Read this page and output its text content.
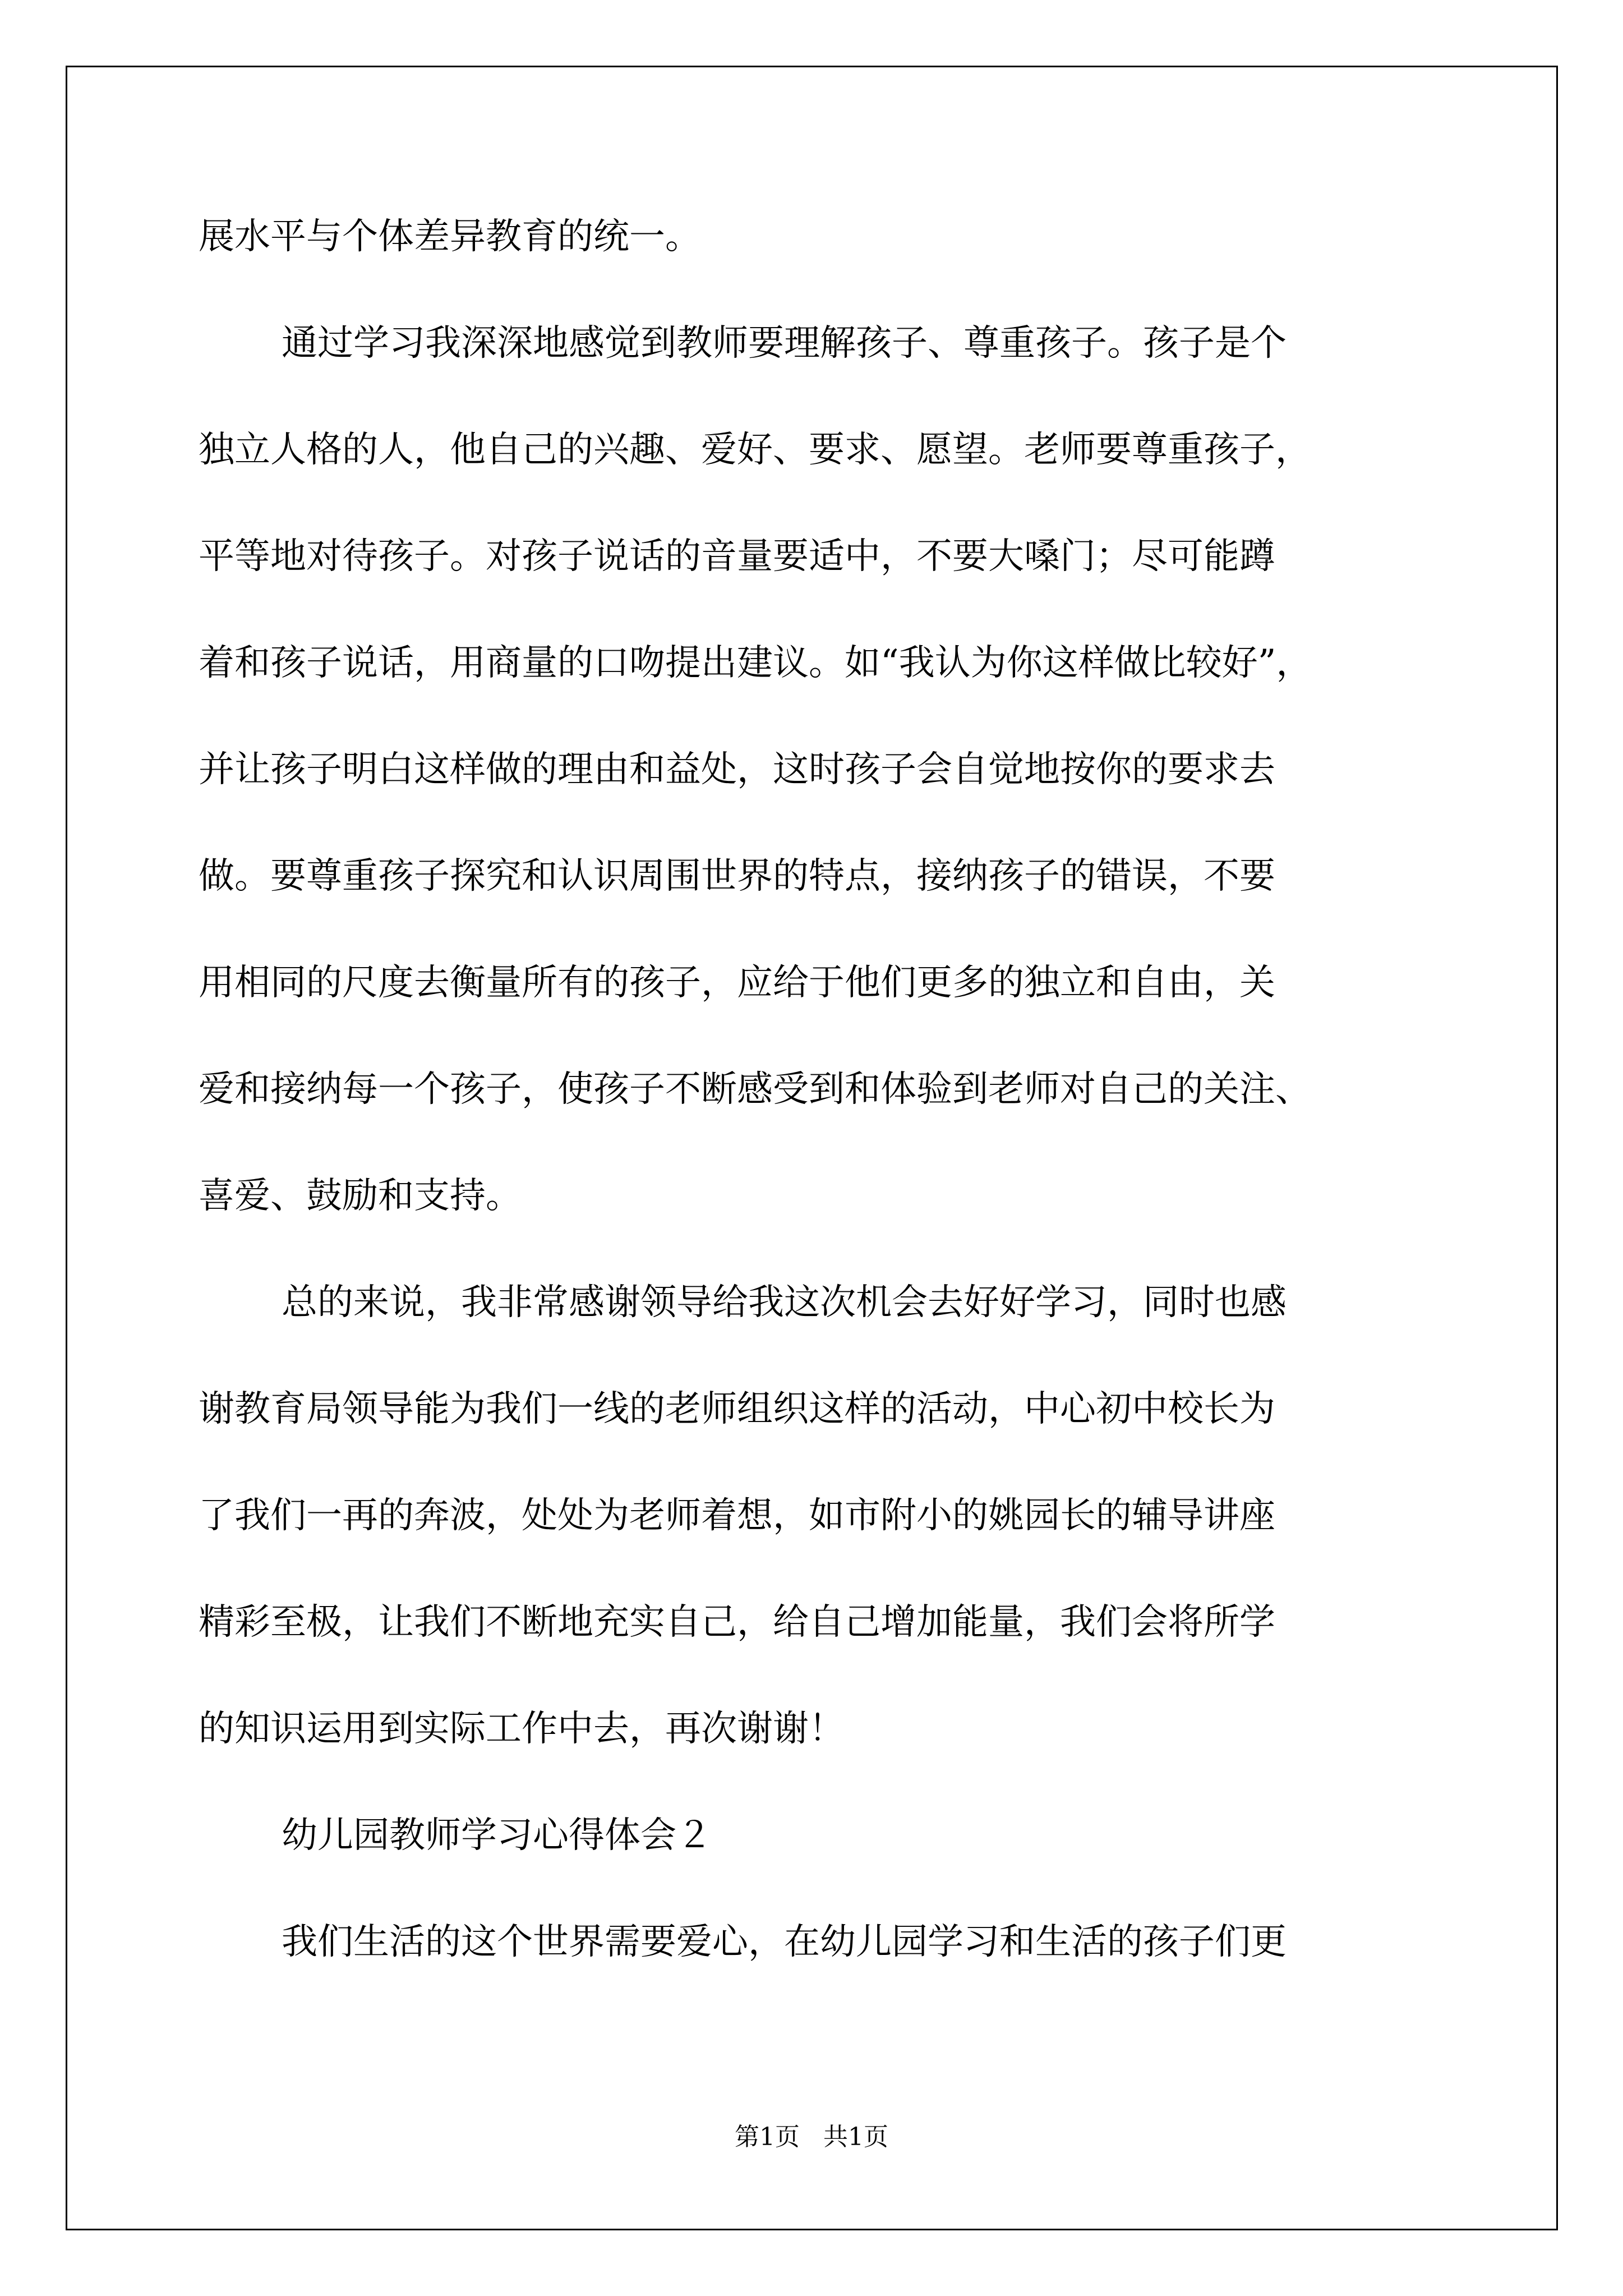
展水平与个体差异教育的统一。
通过学习我深深地感觉到教师要理解孩子、尊重孩子。孩子是个
独立人格的人，他自己的兴趣、爱好、要求、愿望。老师要尊重孩子，
平等地对待孩子。对孩子说话的音量要适中，不要大嗓门；尽可能蹲
着和孩子说话，用商量的口吻提出建议。如“我认为你这样做比较好”，
并让孩子明白这样做的理由和益处，这时孩子会自觉地按你的要求去
做。要尊重孩子探究和认识周围世界的特点，接纳孩子的错误，不要
用相同的尺度去衡量所有的孩子，应给于他们更多的独立和自由，关
爱和接纳每一个孩子，使孩子不断感受到和体验到老师对自己的关注、
喜爱、鼓励和支持。
总的来说，我非常感谢领导给我这次机会去好好学习，同时也感
谢教育局领导能为我们一线的老师组织这样的活动，中心初中校长为
了我们一再的奔波，处处为老师着想，如市附小的姚园长的辅导讲座
精彩至极，让我们不断地充实自己，给自己增加能量，我们会将所学
的知识运用到实际工作中去，再次谢谢！
幼儿园教师学习心得体会２
我们生活的这个世界需要爱心，在幼儿园学习和生活的孩子们更
第1页   共1页
